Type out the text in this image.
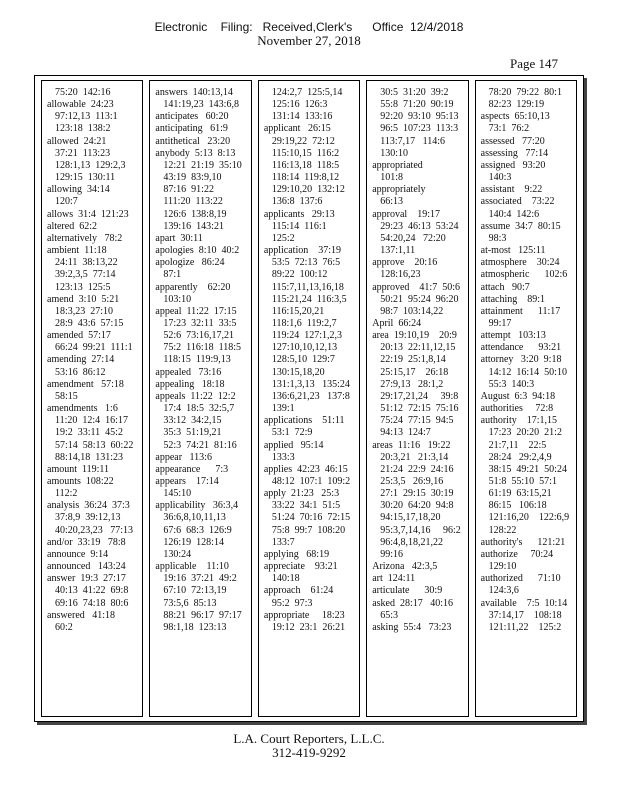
Electronic    Filing:   Received,Clerk's      Office  12/4/2018
November 27, 2018
Page 147
75:20  142:16
allowable  24:23
97:12,13  113:1
123:18  138:2
allowed  24:21
37:21  113:23
128:1,13  129:2,3
129:15  130:11
allowing  34:14
120:7
allows  31:4  121:23
altered  62:2
alternatively   78:2
ambient  11:18
24:11  38:13,22
39:2,3,5  77:14
123:13  125:5
amend  3:10  5:21
18:3,23  27:10
28:9  43:6  57:15
amended  57:17
66:24  99:21  111:1
amending  27:14
53:16  86:12
amendment   57:18
58:15
amendments   1:6
11:20  12:4  16:17
19:2  33:11  45:2
57:14  58:13  60:22
88:14,18  131:23
amount  119:11
amounts  108:22
112:2
analysis  36:24  37:3
37:8,9  39:12,13
40:20,23,23   77:13
and/or  33:19   78:8
announce  9:14
announced   143:24
answer  19:3  27:17
40:13  41:22  69:8
69:16  74:18  80:6
answered   41:18
60:2
answers  140:13,14
141:19,23  143:6,8
anticipates   60:20
anticipating   61:9
antithetical   23:20
anybody  5:13  8:13
12:21  21:19  35:10
43:19  83:9,10
87:16  91:22
111:20  113:22
126:6  138:8,19
139:16  143:21
apart  30:11
apologies  8:10  40:2
apologize   86:24
87:1
apparently    62:20
103:10
appeal  11:22  17:15
17:23  32:11  33:5
52:6  73:16,17,21
75:2  116:18  118:5
118:15  119:9,13
appealed   73:16
appealing   18:18
appeals  11:22  12:2
17:4  18:5  32:5,7
33:12  34:2,15
35:3  51:19,21
52:3  74:21  81:16
appear   113:6
appearance      7:3
appears    17:14
145:10
applicability   36:3,4
36:6,8,10,11,13
67:6  68:3  126:9
126:19  128:14
130:24
applicable    11:10
19:16  37:21  49:2
67:10  72:13,19
73:5,6  85:13
88:21  96:17  97:17
98:1,18  123:13
124:2,7  125:5,14
125:16  126:3
131:14  133:16
applicant   26:15
29:19,22  72:12
115:10,15  116:2
116:13,18  118:5
118:14  119:8,12
129:10,20  132:12
136:8  137:6
applicants   29:13
115:14  116:1
125:2
application    37:19
53:5  72:13  76:5
89:22  100:12
115:7,11,13,16,18
115:21,24  116:3,5
116:15,20,21
118:1,6  119:2,7
119:24  127:1,2,3
127:10,10,12,13
128:5,10  129:7
130:15,18,20
131:1,3,13   135:24
136:6,21,23   137:8
139:1
applications    51:11
53:1  72:9
applied   95:14
133:3
applies  42:23  46:15
48:12  107:1  109:2
apply  21:23   25:3
33:22  34:1  51:5
51:24  70:16  72:15
75:8  99:7  108:20
133:7
applying   68:19
appreciate    93:21
140:18
approach    61:24
95:2  97:3
appropriate     18:23
19:12  23:1  26:21
30:5  31:20  39:2
55:8  71:20  90:19
92:20  93:10  95:13
96:5  107:23  113:3
113:7,17   114:6
130:10
appropriated
101:8
appropriately
66:13
approval    19:17
29:23  46:13  53:24
54:20,24   72:20
137:1,11
approve    20:16
128:16,23
approved    41:7  50:6
50:21  95:24  96:20
98:7  103:14,22
April  66:24
area  19:10,19    20:9
20:13  22:11,12,15
22:19  25:1,8,14
25:15,17    26:18
27:9,13   28:1,2
29:17,21,24     39:8
51:12  72:15  75:16
75:24  77:15  94:5
94:13  124:7
areas  11:16   19:22
20:3,21   21:3,14
21:24  22:9  24:16
25:3,5   26:9,16
27:1  29:15  30:19
30:20  64:20  94:8
94:15,17,18,20
95:3,7,14,16     96:2
96:4,8,18,21,22
99:16
Arizona   42:3,5
art  124:11
articulate      30:9
asked  28:17   40:16
65:3
asking  55:4   73:23
78:20  79:22  80:1
82:23  129:19
aspects  65:10,13
73:1  76:2
assessed   77:20
assessing   77:14
assigned   93:20
140:3
assistant    9:22
associated    73:22
140:4  142:6
assume  34:7  80:15
98:3
at-most   125:11
atmosphere    30:24
atmospheric      102:6
attach   90:7
attaching    89:1
attainment      11:17
99:17
attempt   103:13
attendance      93:21
attorney   3:20  9:18
14:12  16:14  50:10
55:3  140:3
August  6:3  94:18
authorities     72:8
authority    17:1,15
17:23  20:20  21:2
21:7,11    22:5
28:24   29:2,4,9
38:15  49:21  50:24
51:8  55:10  57:1
61:19  63:15,21
86:15   106:18
121:16,20    122:6,9
128:22
authority's      121:21
authorize     70:24
129:10
authorized      71:10
124:3,6
available    7:5  10:14
37:14,17    108:18
121:11,22    125:2
L.A. Court Reporters, L.L.C.
312-419-9292
